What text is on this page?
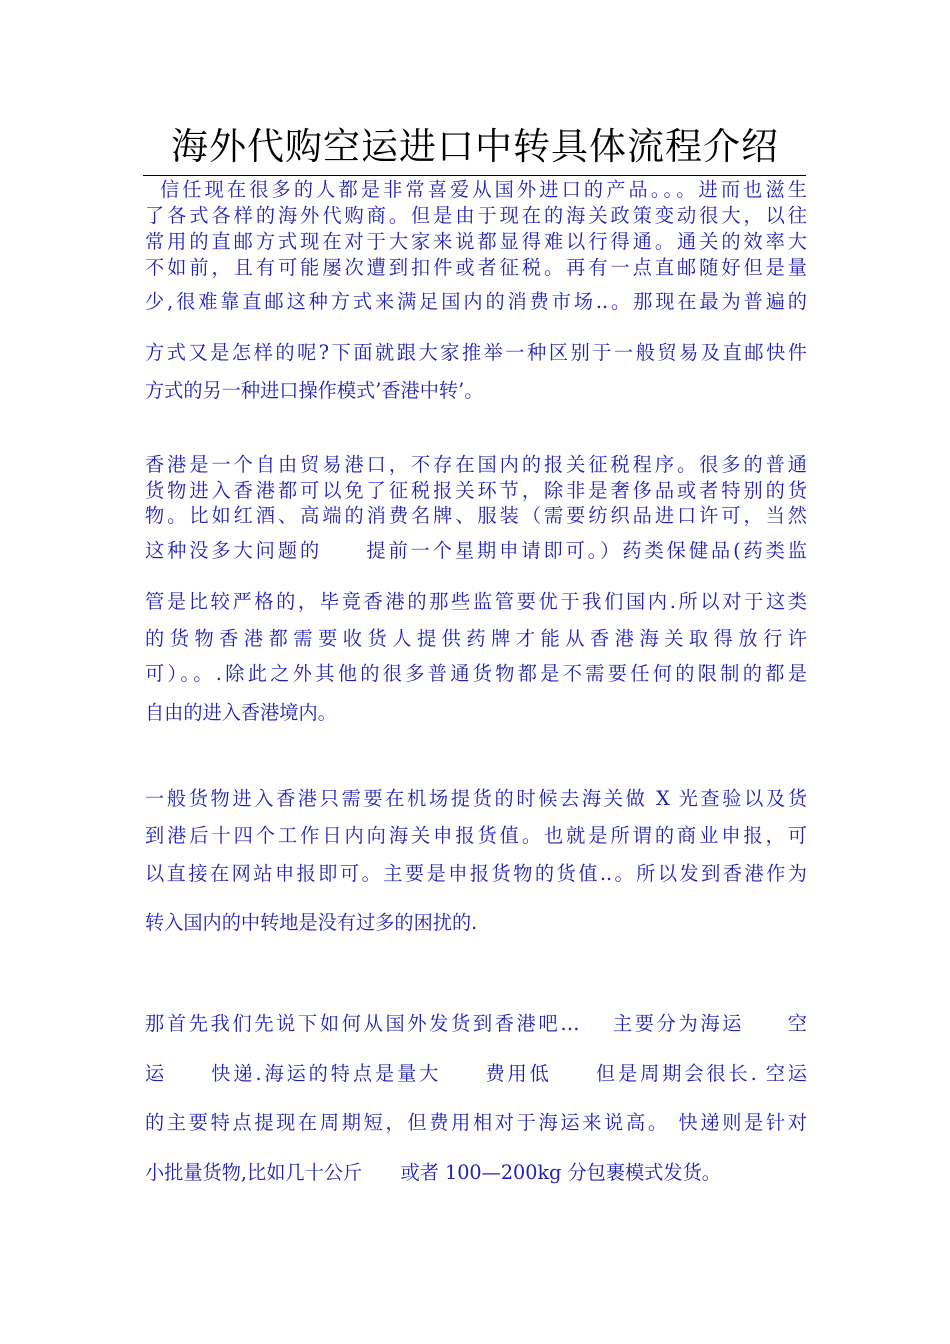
海外代购空运进口中转具体流程介绍
信任现在很多的人都是非常喜爱从国外进口的产品。。。进而也滋生
了各式各样的海外代购商。但是由于现在的海关政策变动很大，以往
常用的直邮方式现在对于大家来说都显得难以行得通。通关的效率大
不如前，且有可能屡次遭到扣件或者征税。再有一点直邮随好但是量
少,很难靠直邮这种方式来满足国内的消费市场..。那现在最为普遍的
方式又是怎样的呢?下面就跟大家推举一种区别于一般贸易及直邮快件
方式的另一种进口操作模式’香港中转’。
香港是一个自由贸易港口，不存在国内的报关征税程序。很多的普通
货物进入香港都可以免了征税报关环节，除非是奢侈品或者特别的货
物。比如红酒、高端的消费名牌、服装（需要纺织品进口许可，当然
这种没多大问题的　　提前一个星期申请即可。）药类保健品(药类监
管是比较严格的，毕竟香港的那些监管要优于我们国内.所以对于这类
的货物香港都需要收货人提供药牌才能从香港海关取得放行许
可）。。.除此之外其他的很多普通货物都是不需要任何的限制的都是
自由的进入香港境内。
一般货物进入香港只需要在机场提货的时候去海关做 X 光查验以及货
到港后十四个工作日内向海关申报货值。也就是所谓的商业申报，可
以直接在网站申报即可。主要是申报货物的货值..。所以发到香港作为
转入国内的中转地是没有过多的困扰的.
那首先我们先说下如何从国外发货到香港吧…　 主要分为海运　　空
运　　快递.海运的特点是量大　　费用低　　但是周期会很长. 空运
的主要特点提现在周期短，但费用相对于海运来说高。 快递则是针对
小批量货物,比如几十公斤　　或者 100—200kg 分包裹模式发货。
